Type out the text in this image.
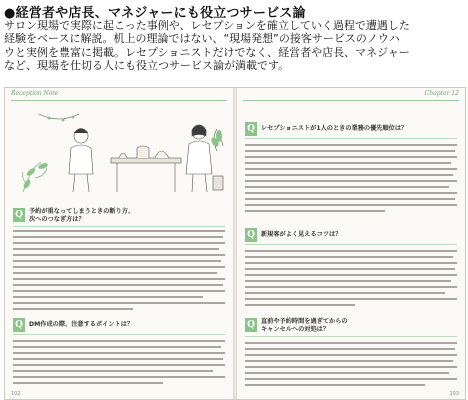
●経営者や店長、マネジャーにも役立つサービス論
サロン現場で実際に起こった事例や、レセプションを確立していく過程で遭遇した
経験をベースに解説。机上の理論ではない、“現場発想”の接客サービスのノウハ
ウと実例を豊富に掲載。レセプショニストだけでなく、経営者や店長、マネジャー
など、現場を仕切る人にも役立つサービス論が満載です。
Reception Note
Q 予約が重なってしまうときの断り方、
次へのつなぎ方は？
Q DM作成の際、注意するポイントは？
102
Chapter 12
Q レセプショニストが1人のときの業務の優先順位は？
Q 新規客がよく見えるコツは？
Q 直前や予約時間を過ぎてからの
キャンセルへの対処は？
103
